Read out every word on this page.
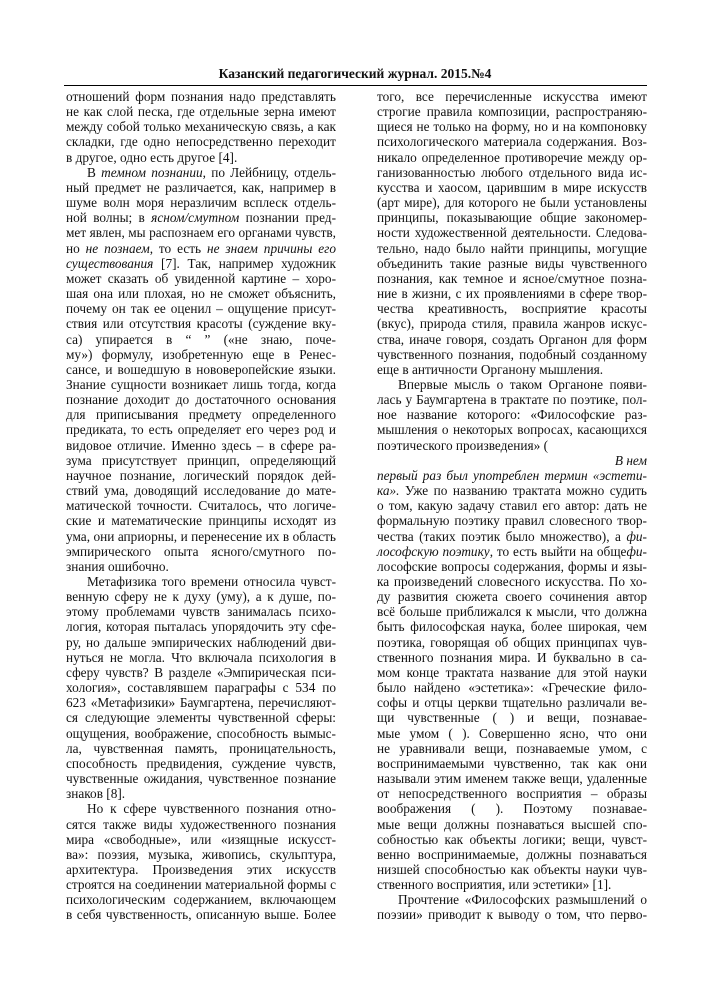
Казанский педагогический журнал. 2015.№4
отношений форм познания надо представлять
не как слой песка, где отдельные зерна имеют
между собой только механическую связь, а как
складки, где одно непосредственно переходит
в другое, одно есть другое [4].
В темном познании, по Лейбницу, отдель-
ный предмет не различается, как, например в
шуме волн моря неразличим всплеск отдель-
ной волны; в ясном/смутном познании пред-
мет явлен, мы распознаем его органами чувств,
но не познаем, то есть не знаем причины его
существования [7]. Так, например художник
может сказать об увиденной картине – хоро-
шая она или плохая, но не сможет объяснить,
почему он так ее оценил – ощущение присут-
ствия или отсутствия красоты (суждение вку-
са) упирается в “ ” («не знаю, поче-
му») формулу, изобретенную еще в Ренес-
сансе, и вошедшую в нововеропейские языки.
Знание сущности возникает лишь тогда, когда
познание доходит до достаточного основания
для приписывания предмету определенного
предиката, то есть определяет его через род и
видовое отличие. Именно здесь – в сфере ра-
зума присутствует принцип, определяющий
научное познание, логический порядок дей-
ствий ума, доводящий исследование до мате-
матической точности. Считалось, что логиче-
ские и математические принципы исходят из
ума, они априорны, и перенесение их в область
эмпирического опыта ясного/смутного по-
знания ошибочно.
Метафизика того времени относила чувст-
венную сферу не к духу (уму), а к душе, по-
этому проблемами чувств занималась психо-
логия, которая пыталась упорядочить эту сфе-
ру, но дальше эмпирических наблюдений дви-
нуться не могла. Что включала психология в
сферу чувств? В разделе «Эмпирическая пси-
хология», составлявшем параграфы с 534 по
623 «Метафизики» Баумгартена, перечисляют-
ся следующие элементы чувственной сферы:
ощущения, воображение, способность вымыс-
ла, чувственная память, проницательность,
способность предвидения, суждение чувств,
чувственные ожидания, чувственное познание
знаков [8].
Но к сфере чувственного познания отно-
сятся также виды художественного познания
мира «свободные», или «изящные искусст-
ва»: поэзия, музыка, живопись, скульптура,
архитектура. Произведения этих искусств
строятся на соединении материальной формы с
психологическим содержанием, включающем
в себя чувственность, описанную выше. Более
того, все перечисленные искусства имеют
строгие правила композиции, распространяю-
щиеся не только на форму, но и на компоновку
психологического материала содержания. Воз-
никало определенное противоречие между ор-
ганизованностью любого отдельного вида ис-
кусства и хаосом, царившим в мире искусств
(арт мире), для которого не были установлены
принципы, показывающие общие закономер-
ности художественной деятельности. Следова-
тельно, надо было найти принципы, могущие
объединить такие разные виды чувственного
познания, как темное и ясное/смутное позна-
ние в жизни, с их проявлениями в сфере твор-
чества креативность, восприятие красоты
(вкус), природа стиля, правила жанров искус-
ства, иначе говоря, создать Органон для форм
чувственного познания, подобный созданному
еще в античности Органону мышления.
Впервые мысль о таком Органоне появи-
лась у Баумгартена в трактате по поэтике, пол-
ное название которого: «Философские раз-
мышления о некоторых вопросах, касающихся
поэтического произведения» (
В нем
первый раз был употреблен термин «эстети-
ка». Уже по названию трактата можно судить
о том, какую задачу ставил его автор: дать не
формальную поэтику правил словесного твор-
чества (таких поэтик было множество), а фи-
лософскую поэтику, то есть выйти на общефи-
лософские вопросы содержания, формы и язы-
ка произведений словесного искусства. По хо-
ду развития сюжета своего сочинения автор
всё больше приближался к мысли, что должна
быть философская наука, более широкая, чем
поэтика, говорящая об общих принципах чув-
ственного познания мира. И буквально в са-
мом конце трактата название для этой науки
было найдено «эстетика»: «Греческие фило-
софы и отцы церкви тщательно различали ве-
щи чувственные ( ) и вещи, познавае-
мые умом ( ). Совершенно ясно, что они
не уравнивали вещи, познаваемые умом, с
воспринимаемыми чувственно, так как они
называли этим именем также вещи, удаленные
от непосредственного восприятия – образы
воображения ( ). Поэтому познавае-
мые вещи должны познаваться высшей спо-
собностью как объекты логики; вещи, чувст-
венно воспринимаемые, должны познаваться
низшей способностью как объекты науки чув-
ственного восприятия, или эстетики» [1].
Прочтение «Философских размышлений о
поэзии» приводит к выводу о том, что перво-
